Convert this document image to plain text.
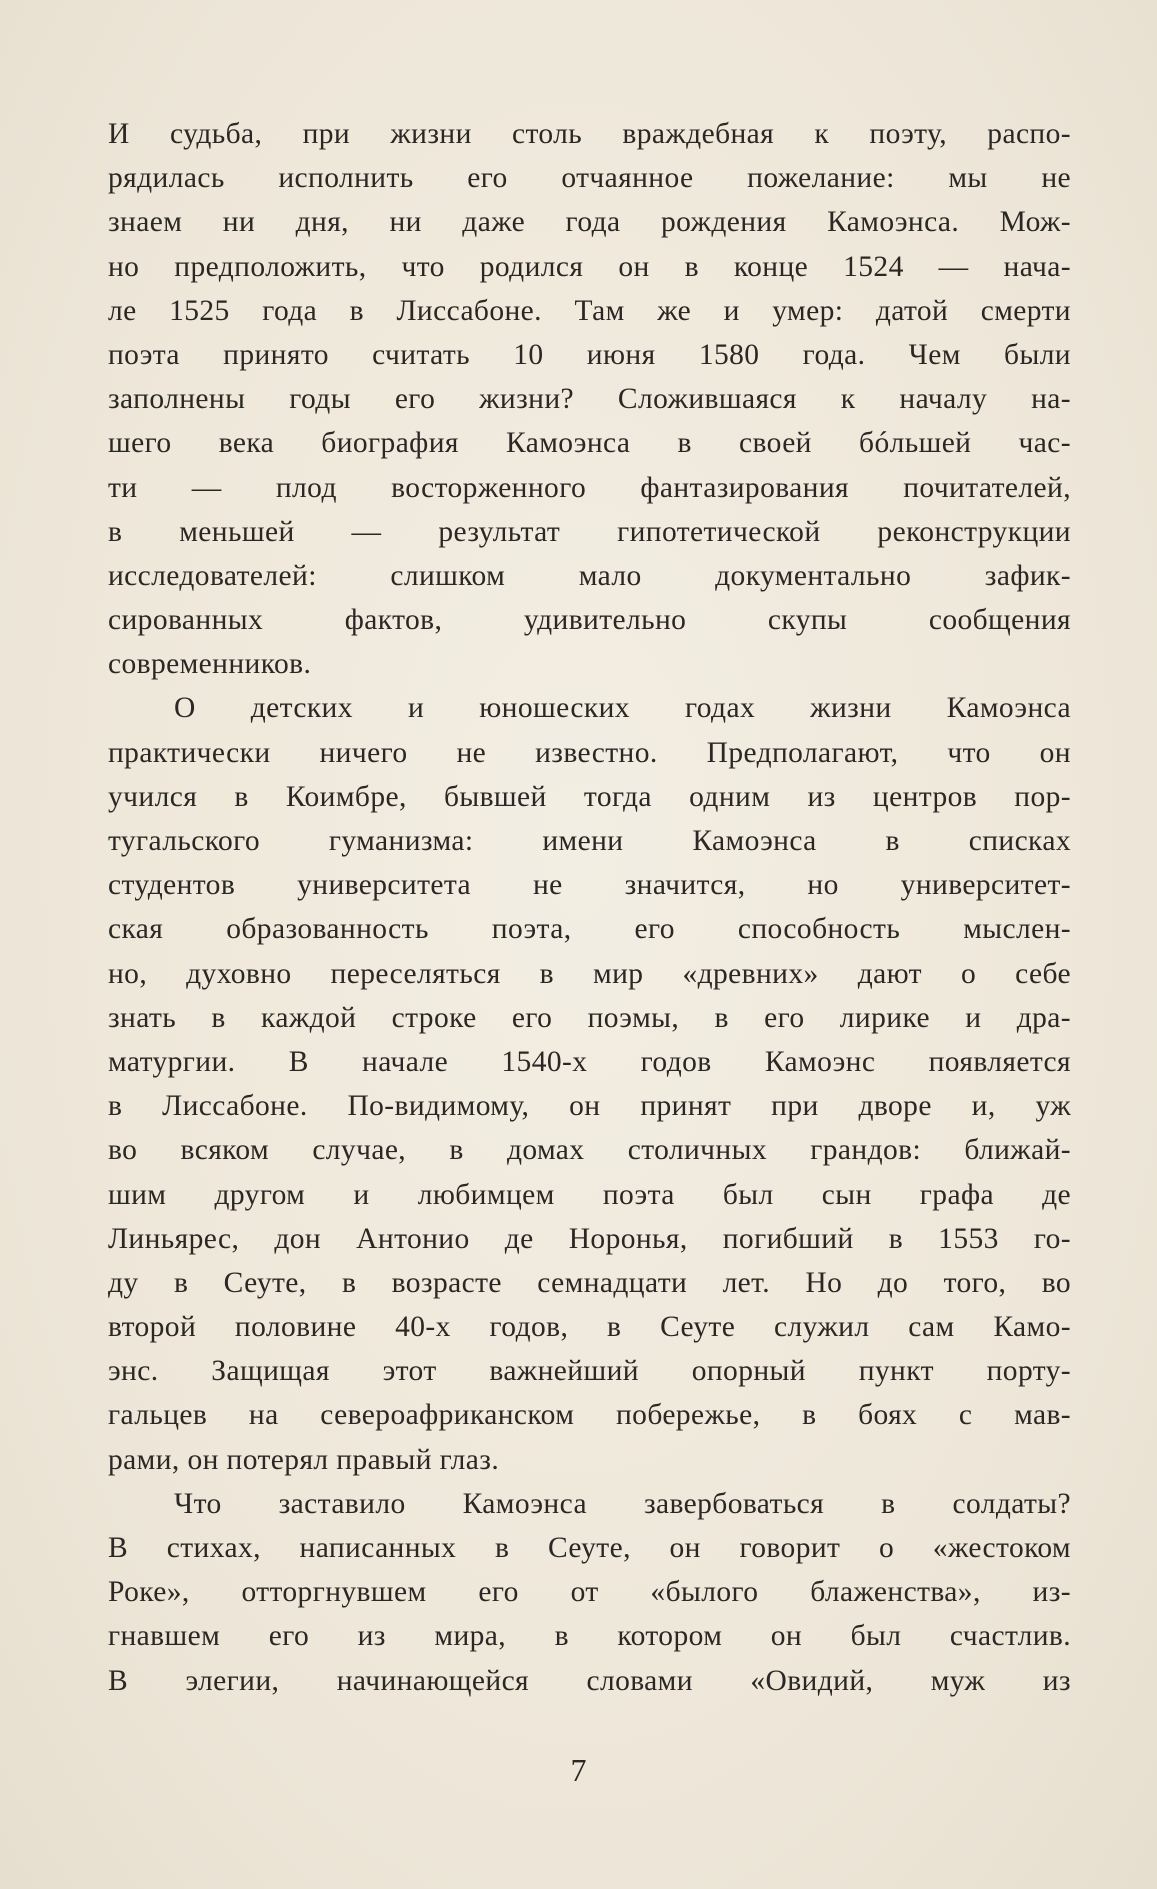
И судьба, при жизни столь враждебная к поэту, распо-
рядилась исполнить его отчаянное пожелание: мы не
знаем ни дня, ни даже года рождения Камоэнса. Мож-
но предположить, что родился он в конце 1524 — нача-
ле 1525 года в Лиссабоне. Там же и умер: датой смерти
поэта принято считать 10 июня 1580 года. Чем были
заполнены годы его жизни? Сложившаяся к началу на-
шего века биография Камоэнса в своей бóльшей час-
ти — плод восторженного фантазирования почитателей,
в меньшей — результат гипотетической реконструкции
исследователей: слишком мало документально зафик-
сированных фактов, удивительно скупы сообщения
современников.
О детских и юношеских годах жизни Камоэнса
практически ничего не известно. Предполагают, что он
учился в Коимбре, бывшей тогда одним из центров пор-
тугальского гуманизма: имени Камоэнса в списках
студентов университета не значится, но университет-
ская образованность поэта, его способность мыслен-
но, духовно переселяться в мир «древних» дают о себе
знать в каждой строке его поэмы, в его лирике и дра-
матургии. В начале 1540-х годов Камоэнс появляется
в Лиссабоне. По-видимому, он принят при дворе и, уж
во всяком случае, в домах столичных грандов: ближай-
шим другом и любимцем поэта был сын графа де
Линьярес, дон Антонио де Норонья, погибший в 1553 го-
ду в Сеуте, в возрасте семнадцати лет. Но до того, во
второй половине 40-х годов, в Сеуте служил сам Камо-
энс. Защищая этот важнейший опорный пункт порту-
гальцев на североафриканском побережье, в боях с мав-
рами, он потерял правый глаз.
Что заставило Камоэнса завербоваться в солдаты?
В стихах, написанных в Сеуте, он говорит о «жестоком
Роке», отторгнувшем его от «былого блаженства», из-
гнавшем его из мира, в котором он был счастлив.
В элегии, начинающейся словами «Овидий, муж из
7
